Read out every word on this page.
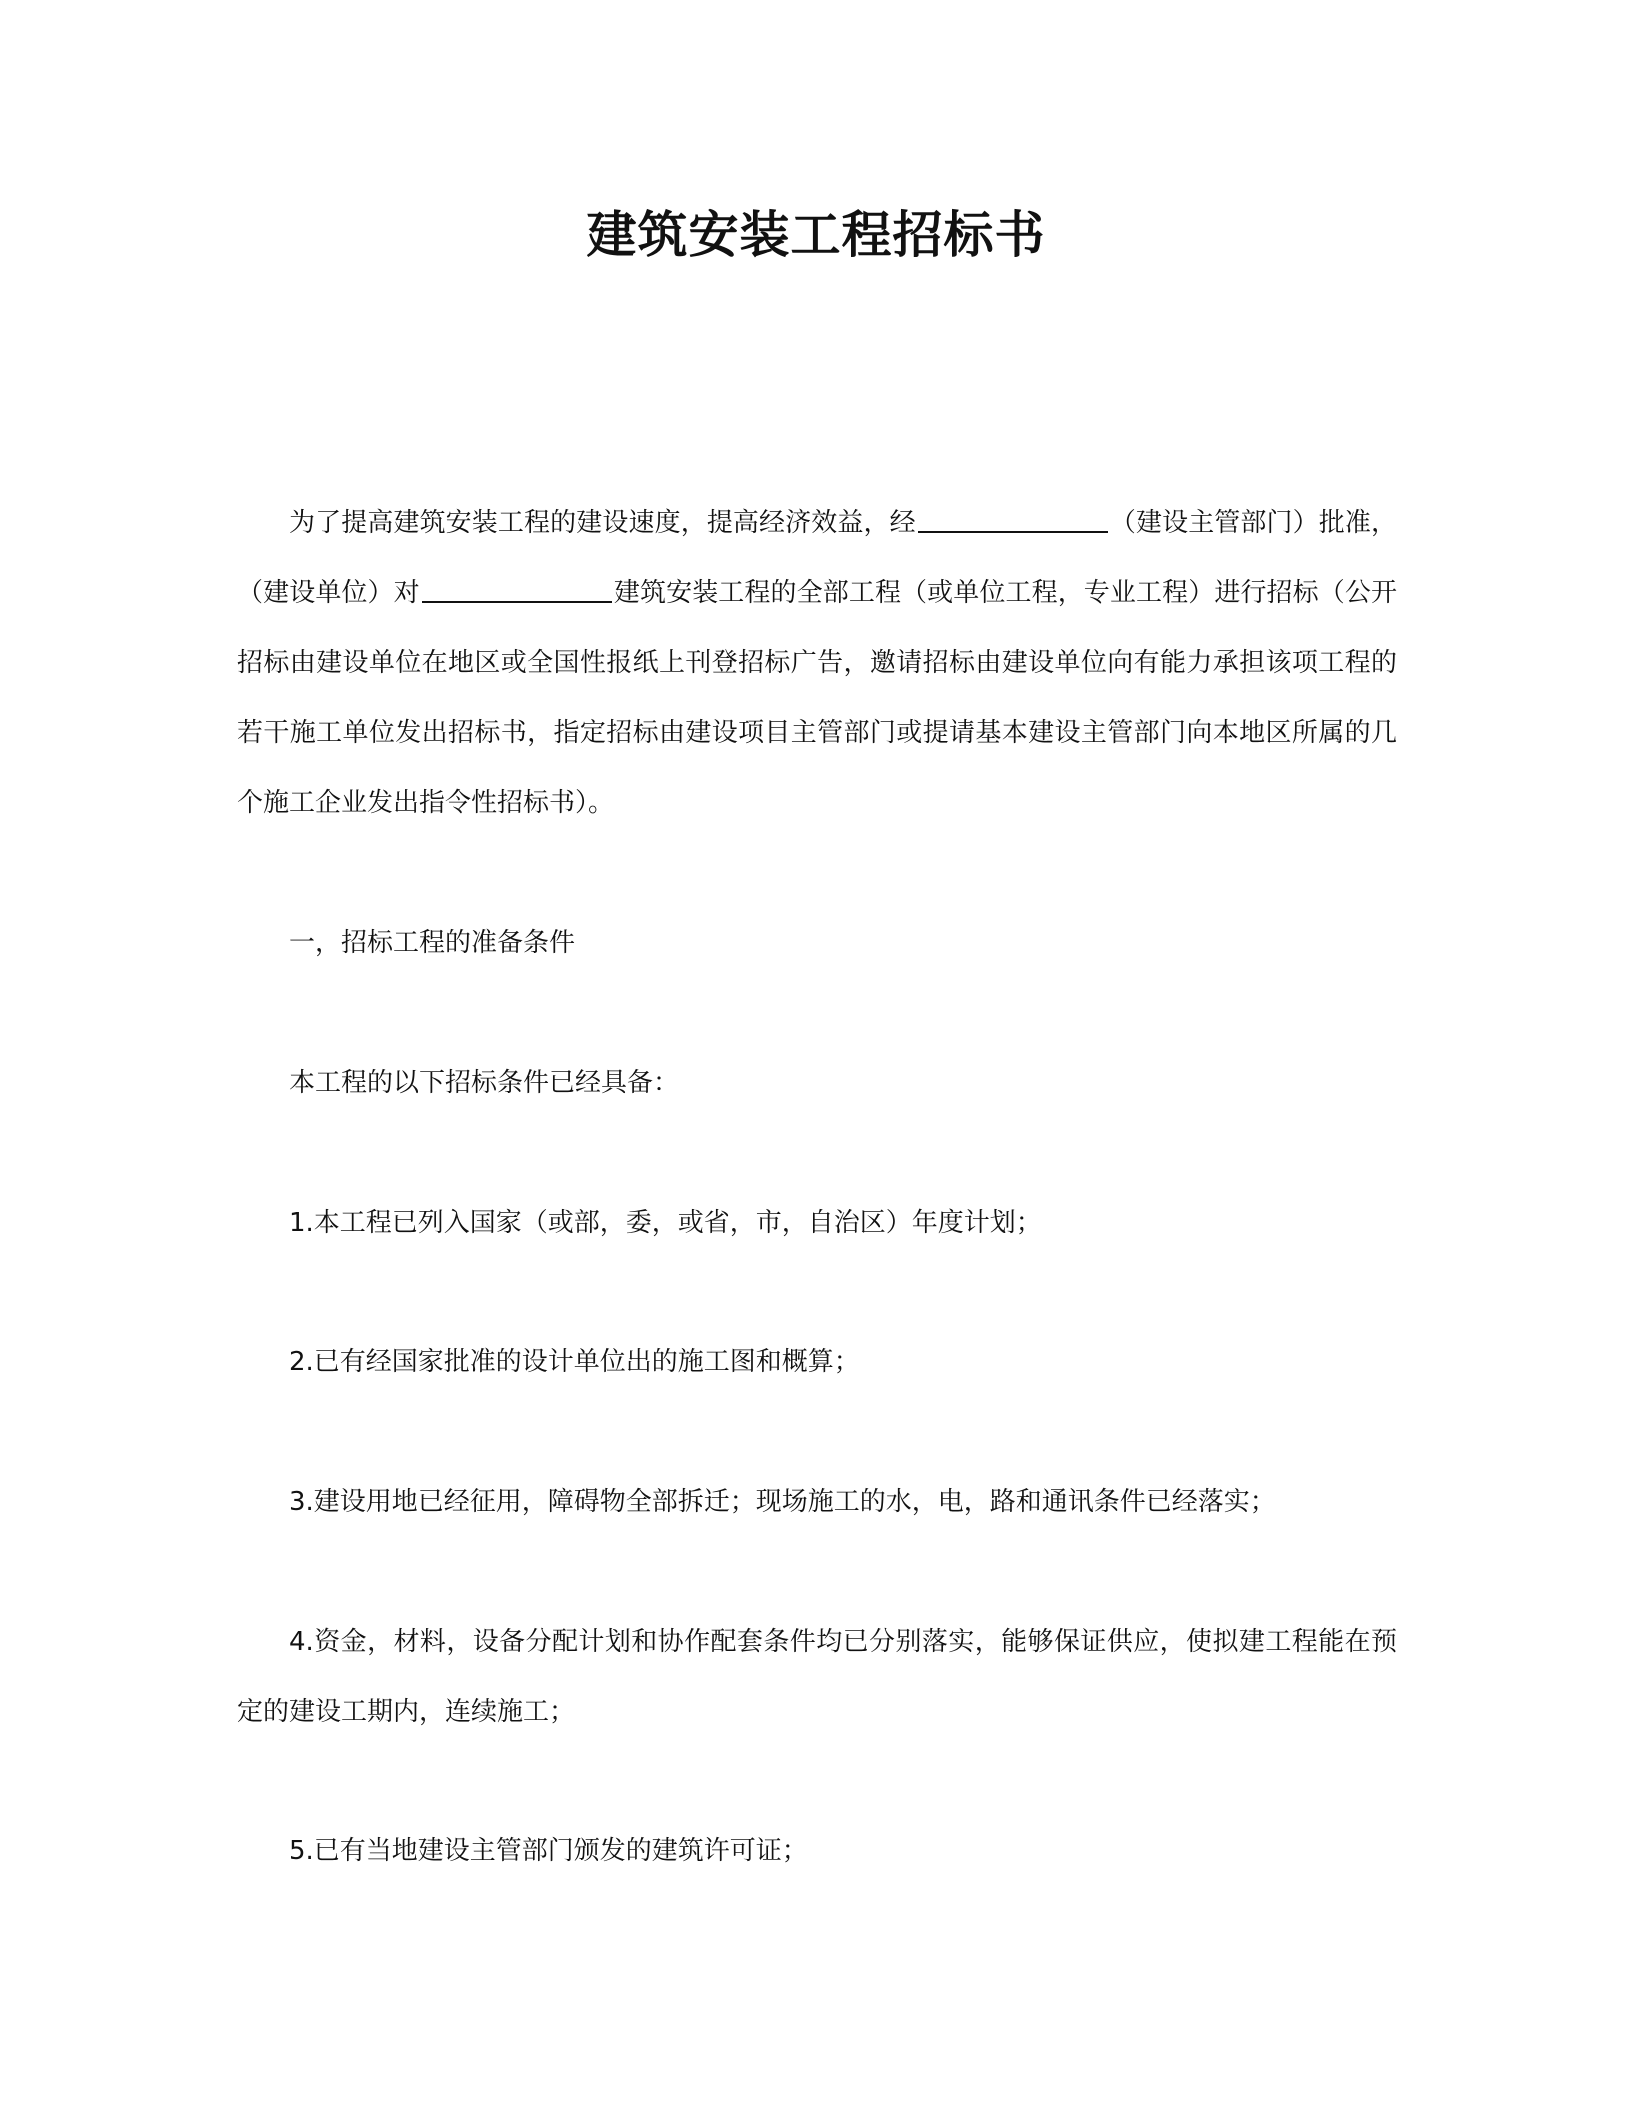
建筑安装工程招标书

为了提高建筑安装工程的建设速度，提高经济效益，经	（建设主管部门）批准，（建设单位）对	建筑安装工程的全部工程（或单位工程，专业工程）进行招标（公开招标由建设单位在地区或全国性报纸上刊登招标广告，邀请招标由建设单位向有能力承担该项工程的若干施工单位发出招标书，指定招标由建设项目主管部门或提请基本建设主管部门向本地区所属的几个施工企业发出指令性招标书）。

一，招标工程的准备条件

本工程的以下招标条件已经具备：

1.本工程已列入国家（或部，委，或省，市，自治区）年度计划；

2.已有经国家批准的设计单位出的施工图和概算；

3.建设用地已经征用，障碍物全部拆迁；现场施工的水，电，路和通讯条件已经落实；

4.资金，材料，设备分配计划和协作配套条件均已分别落实，能够保证供应，使拟建工程能在预定的建设工期内，连续施工；

5.已有当地建设主管部门颁发的建筑许可证；
